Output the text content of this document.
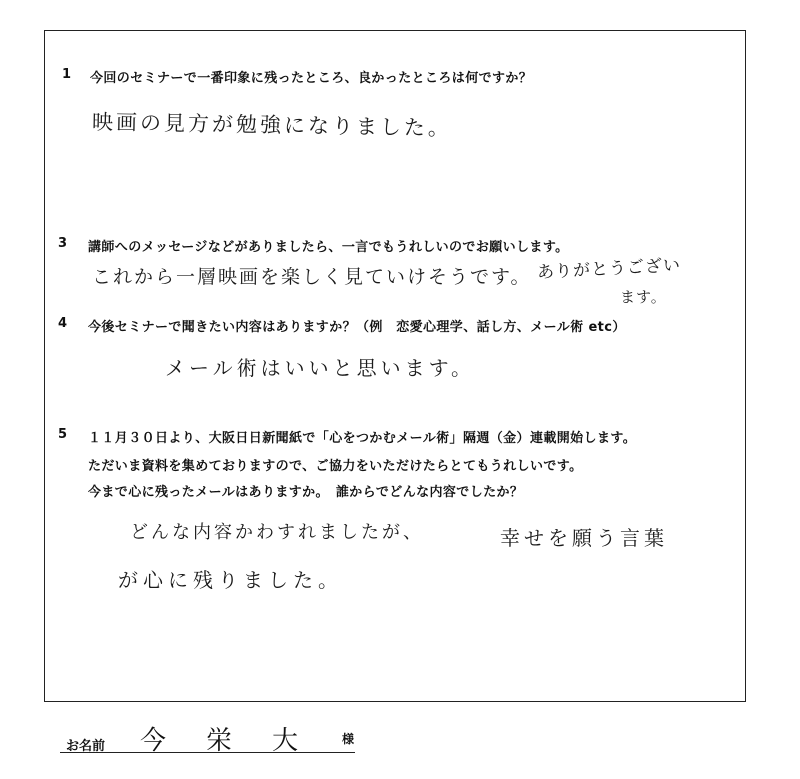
1 今回のセミナーで一番印象に残ったところ、良かったところは何ですか？
映画の見方が勉強になりました。
3 講師へのメッセージなどがありましたら、一言でもうれしいのでお願いします。
これから一層映画を楽しく見ていけそうです。 ありがとうござい
ます。
4 今後セミナーで聞きたい内容はありますか？（例　恋愛心理学、話し方、メール術 etc）
メール術はいいと思います。
5 １１月３０日より、大阪日日新聞紙で「心をつかむメール術」隔週（金）連載開始します。
ただいま資料を集めておりますので、ご協力をいただけたらとてもうれしいです。
今まで心に残ったメールはありますか。　誰からでどんな内容でしたか？
どんな内容かわすれましたが、	幸せを願う言葉
が心に残りました。
お名前 今栄大 様
